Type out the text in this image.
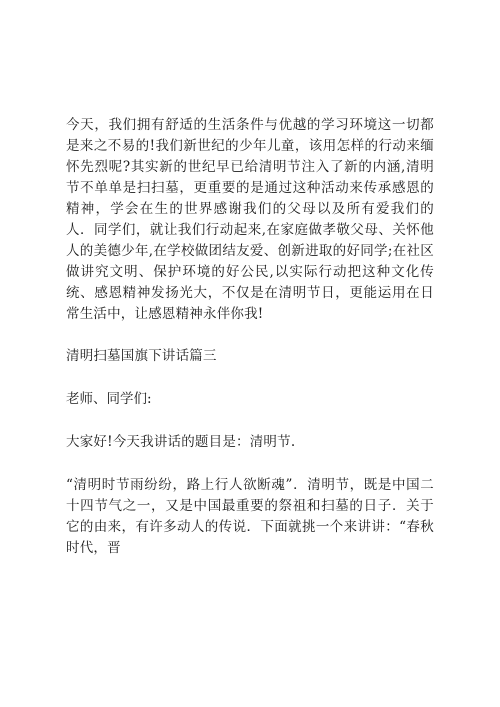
今天，我们拥有舒适的生活条件与优越的学习环境这一切都是来之不易的!我们新世纪的少年儿童，该用怎样的行动来缅怀先烈呢?其实新的世纪早已给清明节注入了新的内涵,清明节不单单是扫扫墓，更重要的是通过这种活动来传承感恩的精神，学会在生的世界感谢我们的父母以及所有爱我们的人．同学们，就让我们行动起来,在家庭做孝敬父母、关怀他人的美德少年,在学校做团结友爱、创新进取的好同学;在社区做讲究文明、保护环境的好公民,以实际行动把这种文化传统、感恩精神发扬光大，不仅是在清明节日，更能运用在日常生活中，让感恩精神永伴你我!

清明扫墓国旗下讲话篇三

老师、同学们:

大家好!今天我讲话的题目是：清明节.

“清明时节雨纷纷，路上行人欲断魂”．清明节，既是中国二十四节气之一，又是中国最重要的祭祖和扫墓的日子．关于它的由来，有许多动人的传说．下面就挑一个来讲讲：“春秋时代，晋
